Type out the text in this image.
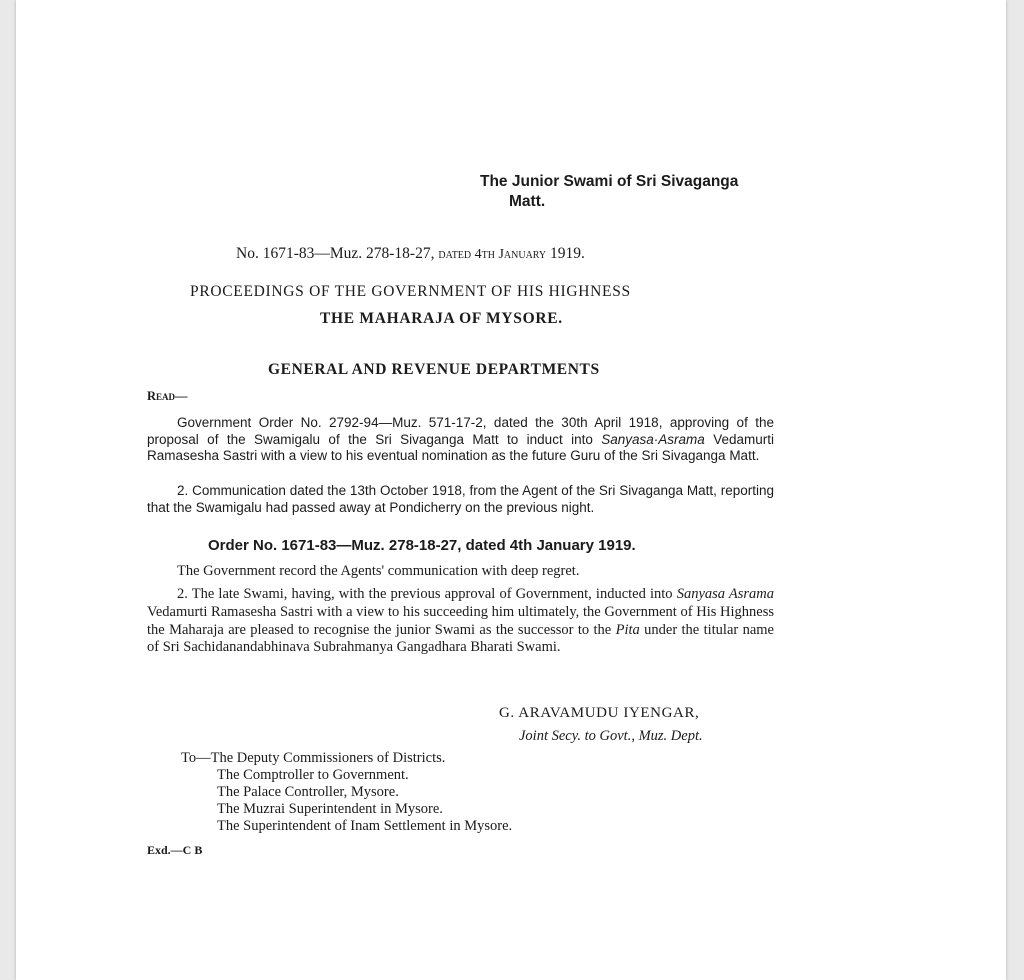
The Junior Swami of Sri Sivaganga
Matt.
No. 1671-83—Muz. 278-18-27, dated 4th January 1919.
PROCEEDINGS OF THE GOVERNMENT OF HIS HIGHNESS
THE MAHARAJA OF MYSORE.
GENERAL AND REVENUE DEPARTMENTS
Read—
Government Order No. 2792-94—Muz. 571-17-2, dated the 30th April 1918, approving of the proposal of the Swamigalu of the Sri Sivaganga Matt to induct into Sanyasa·Asrama Vedamurti Ramasesha Sastri with a view to his eventual nomination as the future Guru of the Sri Sivaganga Matt.
2. Communication dated the 13th October 1918, from the Agent of the Sri Sivaganga Matt, reporting that the Swamigalu had passed away at Pondicherry on the previous night.
Order No. 1671-83—Muz. 278-18-27, dated 4th January 1919.
The Government record the Agents' communication with deep regret.
2. The late Swami, having, with the previous approval of Government, inducted into Sanyasa Asrama Vedamurti Ramasesha Sastri with a view to his succeeding him ultimately, the Government of His Highness the Maharaja are pleased to recognise the junior Swami as the successor to the Pita under the titular name of Sri Sachidanandabhinava Subrahmanya Gangadhara Bharati Swami.
G. ARAVAMUDU IYENGAR,
Joint Secy. to Govt., Muz. Dept.
To—The Deputy Commissioners of Districts.
The Comptroller to Government.
The Palace Controller, Mysore.
The Muzrai Superintendent in Mysore.
The Superintendent of Inam Settlement in Mysore.
Exd.—C B
